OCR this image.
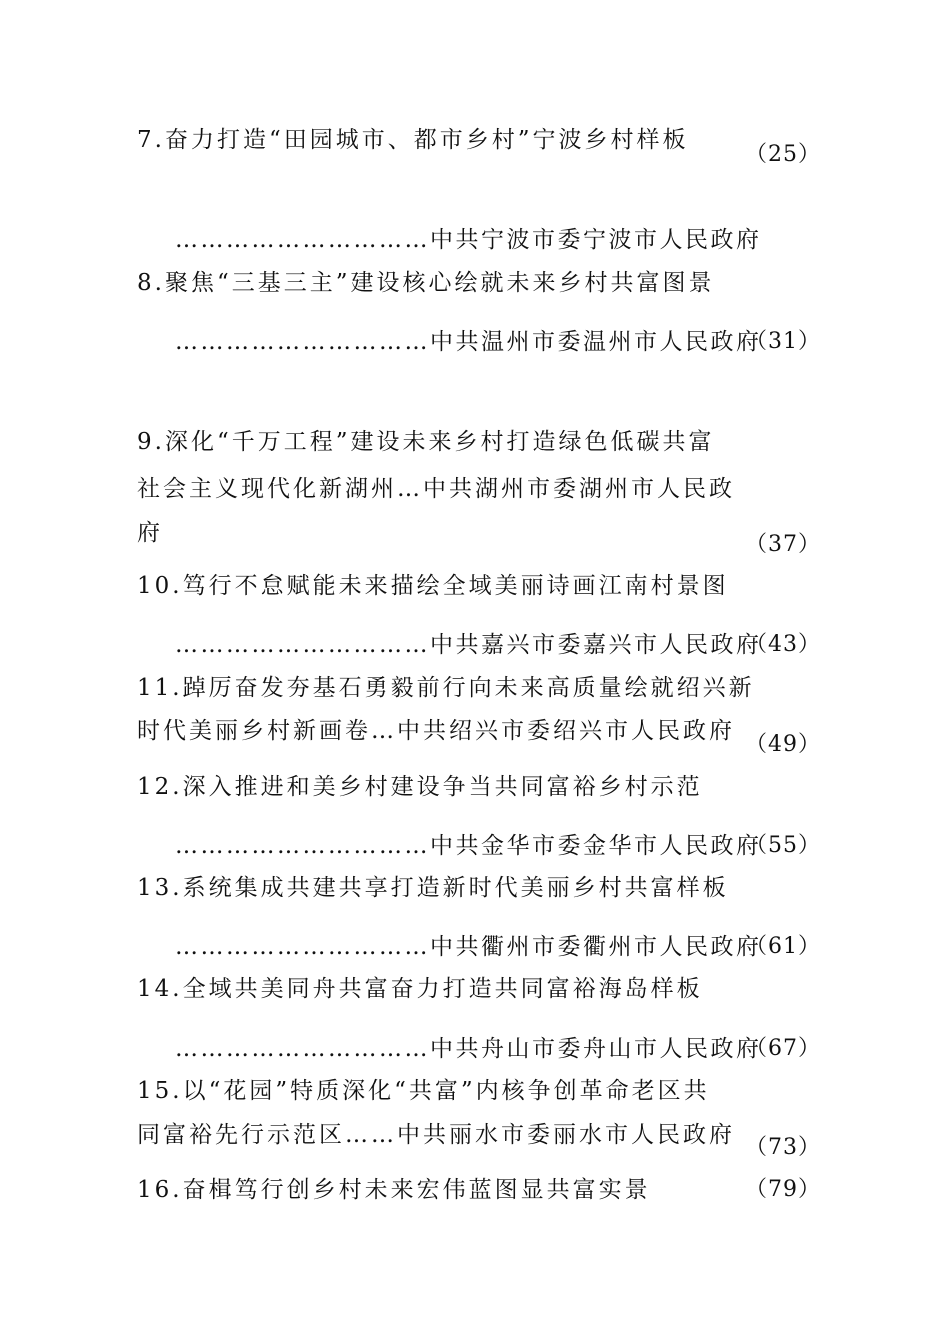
7.奋力打造“田园城市、都市乡村”宁波乡村样板
（25）
…………………………中共宁波市委宁波市人民政府
8.聚焦“三基三主”建设核心绘就未来乡村共富图景
…………………………中共温州市委温州市人民政府
（31）
9.深化“千万工程”建设未来乡村打造绿色低碳共富
社会主义现代化新湖州…中共湖州市委湖州市人民政
府	（37）
10.笃行不怠赋能未来描绘全域美丽诗画江南村景图
…………………………中共嘉兴市委嘉兴市人民政府
（43）
11.踔厉奋发夯基石勇毅前行向未来高质量绘就绍兴新
时代美丽乡村新画卷…中共绍兴市委绍兴市人民政府
（49）
12.深入推进和美乡村建设争当共同富裕乡村示范
…………………………中共金华市委金华市人民政府
（55）
13.系统集成共建共享打造新时代美丽乡村共富样板
…………………………中共衢州市委衢州市人民政府
（61）
14.全域共美同舟共富奋力打造共同富裕海岛样板
…………………………中共舟山市委舟山市人民政府
（67）
15.以“花园”特质深化“共富”内核争创革命老区共
同富裕先行示范区……中共丽水市委丽水市人民政府 （73）
16.奋楫笃行创乡村未来宏伟蓝图显共富实景	（79）
